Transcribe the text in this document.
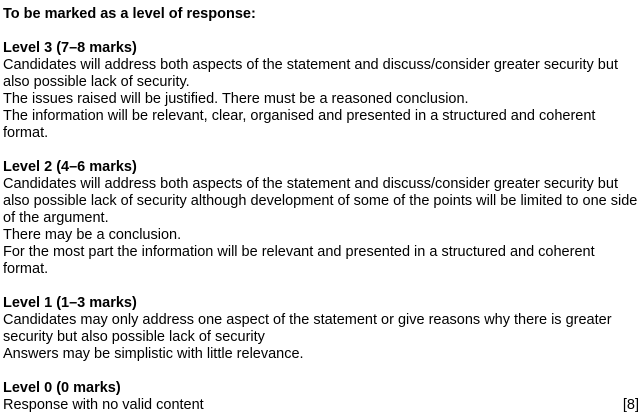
To be marked as a level of response:
Level 3 (7–8 marks)

Candidates will address both aspects of the statement and discuss/consider greater security but also possible lack of security.

The issues raised will be justified. There must be a reasoned conclusion.

The information will be relevant, clear, organised and presented in a structured and coherent format.

Level 2 (4–6 marks)

Candidates will address both aspects of the statement and discuss/consider greater security but also possible lack of security although development of some of the points will be limited to one side of the argument.

There may be a conclusion.

For the most part the information will be relevant and presented in a structured and coherent format.

Level 1 (1–3 marks)

Candidates may only address one aspect of the statement or give reasons why there is greater security but also possible lack of security

Answers may be simplistic with little relevance.

Level 0 (0 marks)

Response with no valid content	[8]
